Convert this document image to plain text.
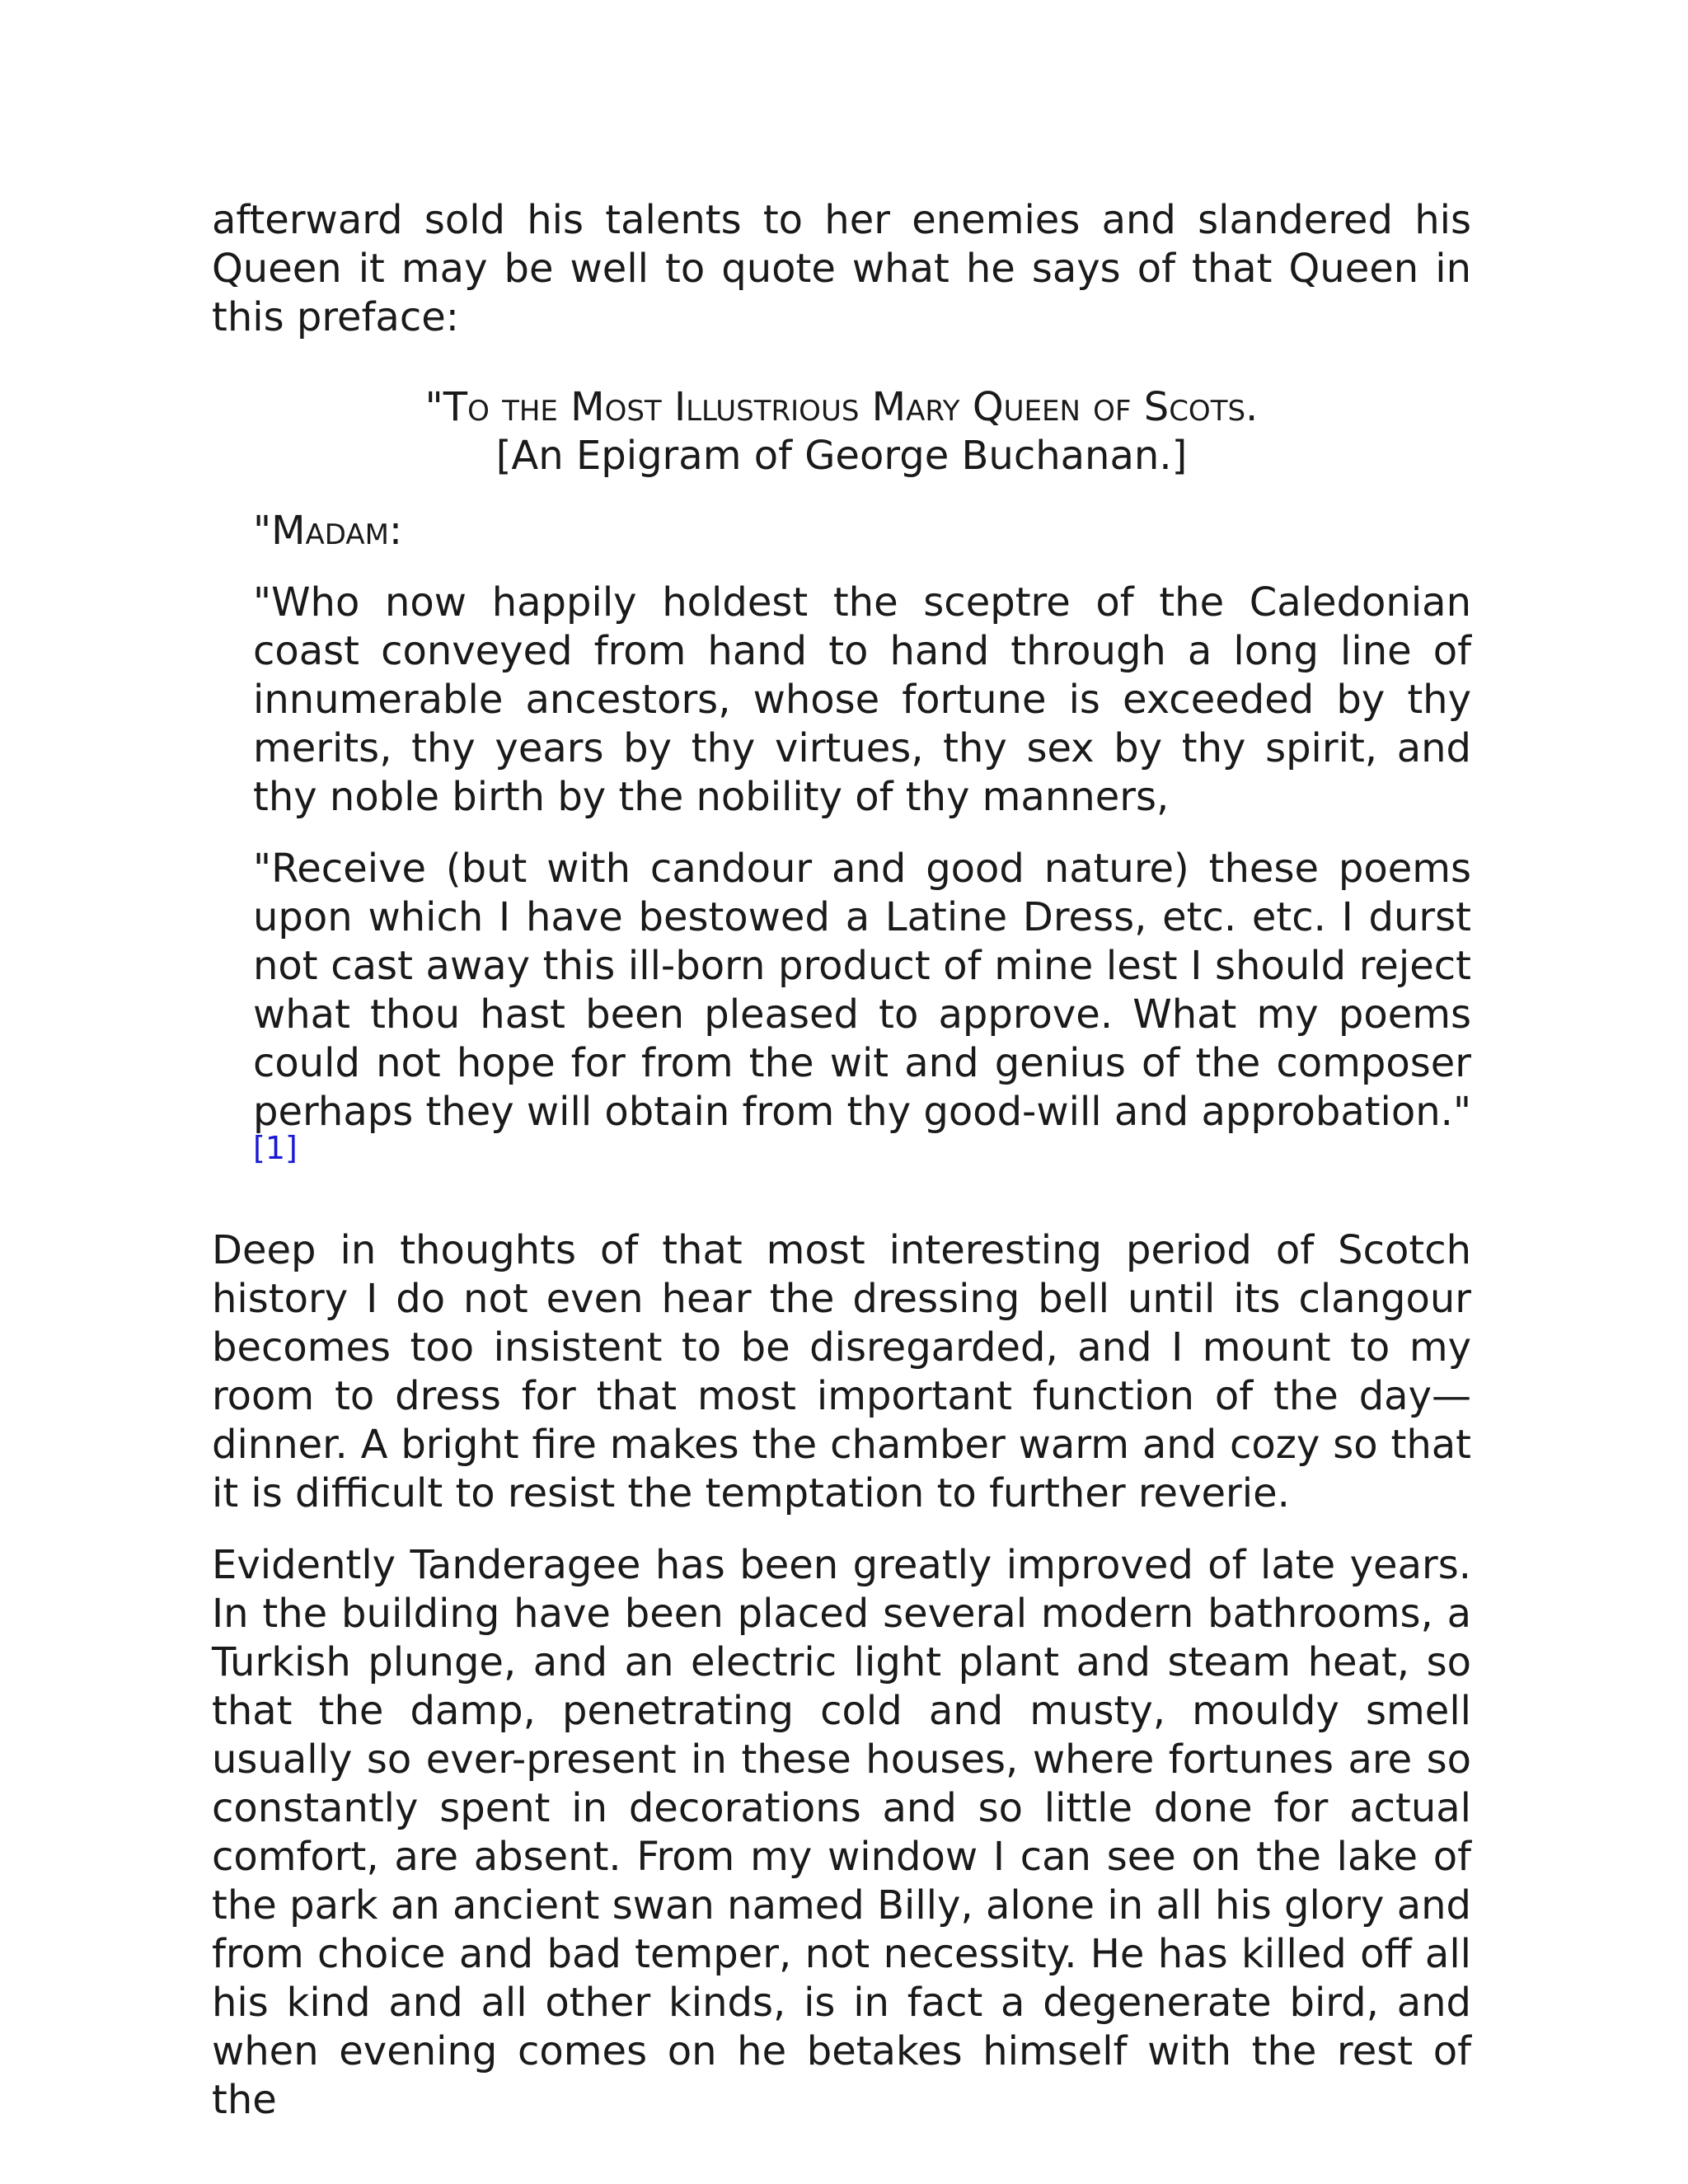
afterward sold his talents to her enemies and slandered his Queen it may be well to quote what he says of that Queen in this preface:

"To the Most Illustrious Mary Queen of Scots.
[An Epigram of George Buchanan.]

"Madam:

"Who now happily holdest the sceptre of the Caledonian coast conveyed from hand to hand through a long line of innumerable ancestors, whose fortune is exceeded by thy merits, thy years by thy virtues, thy sex by thy spirit, and thy noble birth by the nobility of thy manners,

"Receive (but with candour and good nature) these poems upon which I have bestowed a Latine Dress, etc. etc. I durst not cast away this ill-born product of mine lest I should reject what thou hast been pleased to approve. What my poems could not hope for from the wit and genius of the composer perhaps they will obtain from thy good-will and approbation."[1]

Deep in thoughts of that most interesting period of Scotch history I do not even hear the dressing bell until its clangour becomes too insistent to be disregarded, and I mount to my room to dress for that most important function of the day—dinner. A bright fire makes the chamber warm and cozy so that it is difficult to resist the temptation to further reverie.

Evidently Tanderagee has been greatly improved of late years. In the building have been placed several modern bathrooms, a Turkish plunge, and an electric light plant and steam heat, so that the damp, penetrating cold and musty, mouldy smell usually so ever-present in these houses, where fortunes are so constantly spent in decorations and so little done for actual comfort, are absent. From my window I can see on the lake of the park an ancient swan named Billy, alone in all his glory and from choice and bad temper, not necessity. He has killed off all his kind and all other kinds, is in fact a degenerate bird, and when evening comes on he betakes himself with the rest of the
